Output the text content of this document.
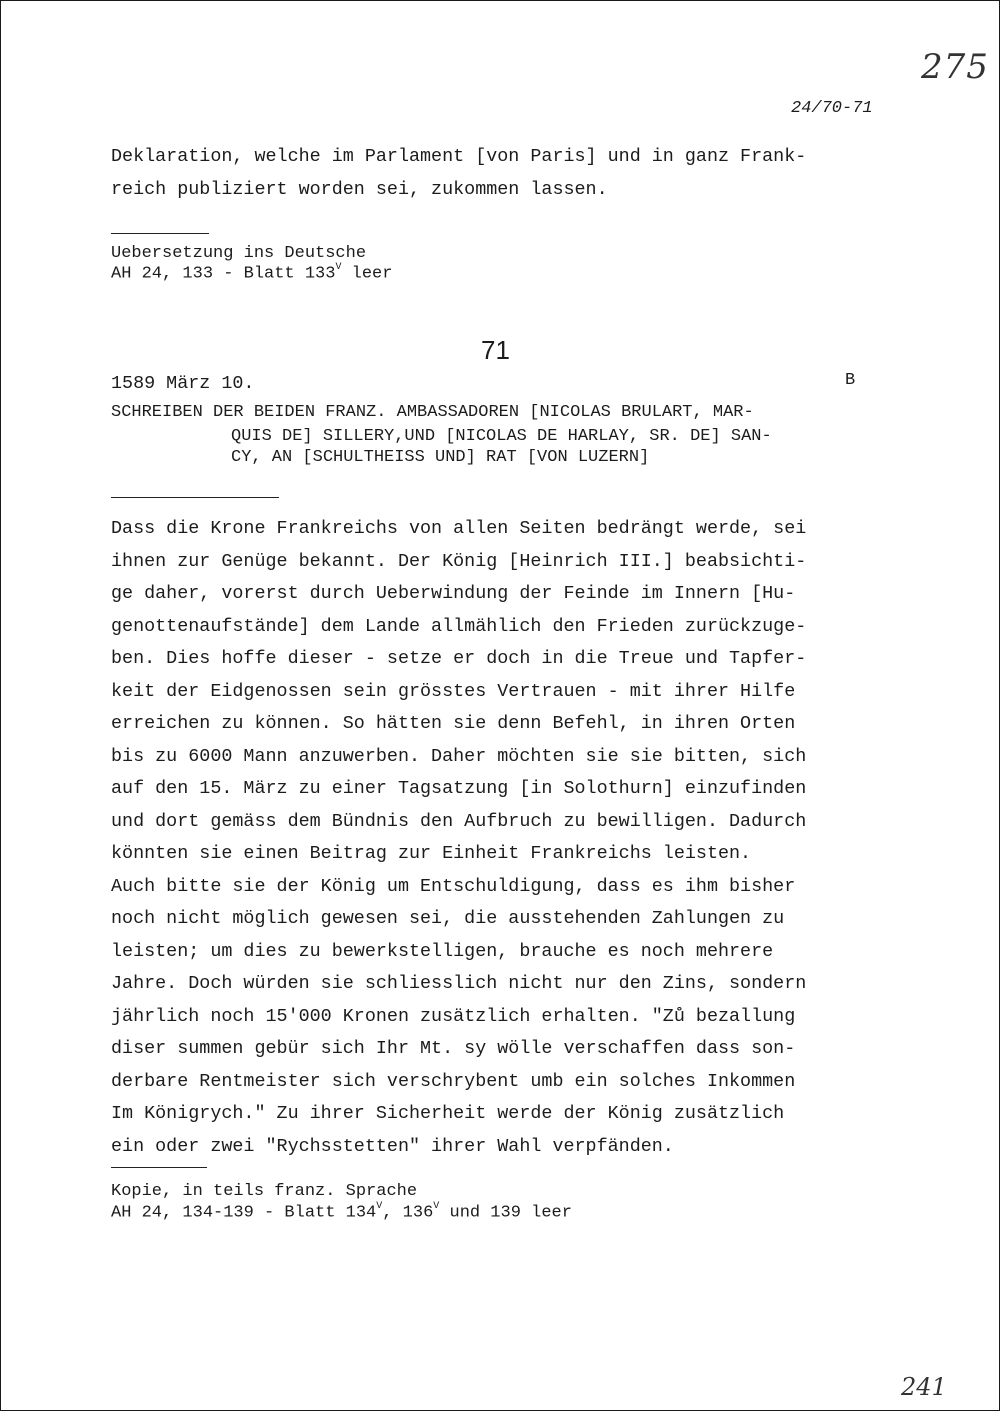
275
24/70-71
Deklaration, welche im Parlament [von Paris] und in ganz Frank-
reich publiziert worden sei, zukommen lassen.
Uebersetzung ins Deutsche
AH 24, 133 - Blatt $133^V$ leer
71
1589 März 10.	B
SCHREIBEN DER BEIDEN FRANZ. AMBASSADOREN [NICOLAS BRULART, MAR-
QUIS DE] SILLERY,UND [NICOLAS DE HARLAY, SR. DE] SAN-
CY, AN [SCHULTHEISS UND] RAT [VON LUZERN]
Dass die Krone Frankreichs von allen Seiten bedrängt werde, sei
ihnen zur Genüge bekannt. Der König [Heinrich III.] beabsichti-
ge daher, vorerst durch Ueberwindung der Feinde im Innern [Hu-
genottenaufstände] dem Lande allmählich den Frieden zurückzuge-
ben. Dies hoffe dieser - setze er doch in die Treue und Tapfer-
keit der Eidgenossen sein grösstes Vertrauen - mit ihrer Hilfe
erreichen zu können. So hätten sie denn Befehl, in ihren Orten
bis zu 6000 Mann anzuwerben. Daher möchten sie sie bitten, sich
auf den 15. März zu einer Tagsatzung [in Solothurn] einzufinden
und dort gemäss dem Bündnis den Aufbruch zu bewilligen. Dadurch
könnten sie einen Beitrag zur Einheit Frankreichs leisten.
Auch bitte sie der König um Entschuldigung, dass es ihm bisher
noch nicht möglich gewesen sei, die ausstehenden Zahlungen zu
leisten; um dies zu bewerkstelligen, brauche es noch mehrere
Jahre. Doch würden sie schliesslich nicht nur den Zins, sondern
jährlich noch 15'000 Kronen zusätzlich erhalten. "Zů bezallung
diser summen gebür sich Ihr Mt. sy wölle verschaffen dass son-
derbare Rentmeister sich verschrybent umb ein solches Inkommen
Im Königrych." Zu ihrer Sicherheit werde der König zusätzlich
ein oder zwei "Rychsstetten" ihrer Wahl verpfänden.
Kopie, in teils franz. Sprache
AH 24, 134-139 - Blatt $134^V$, $136^V$ und 139 leer
241
